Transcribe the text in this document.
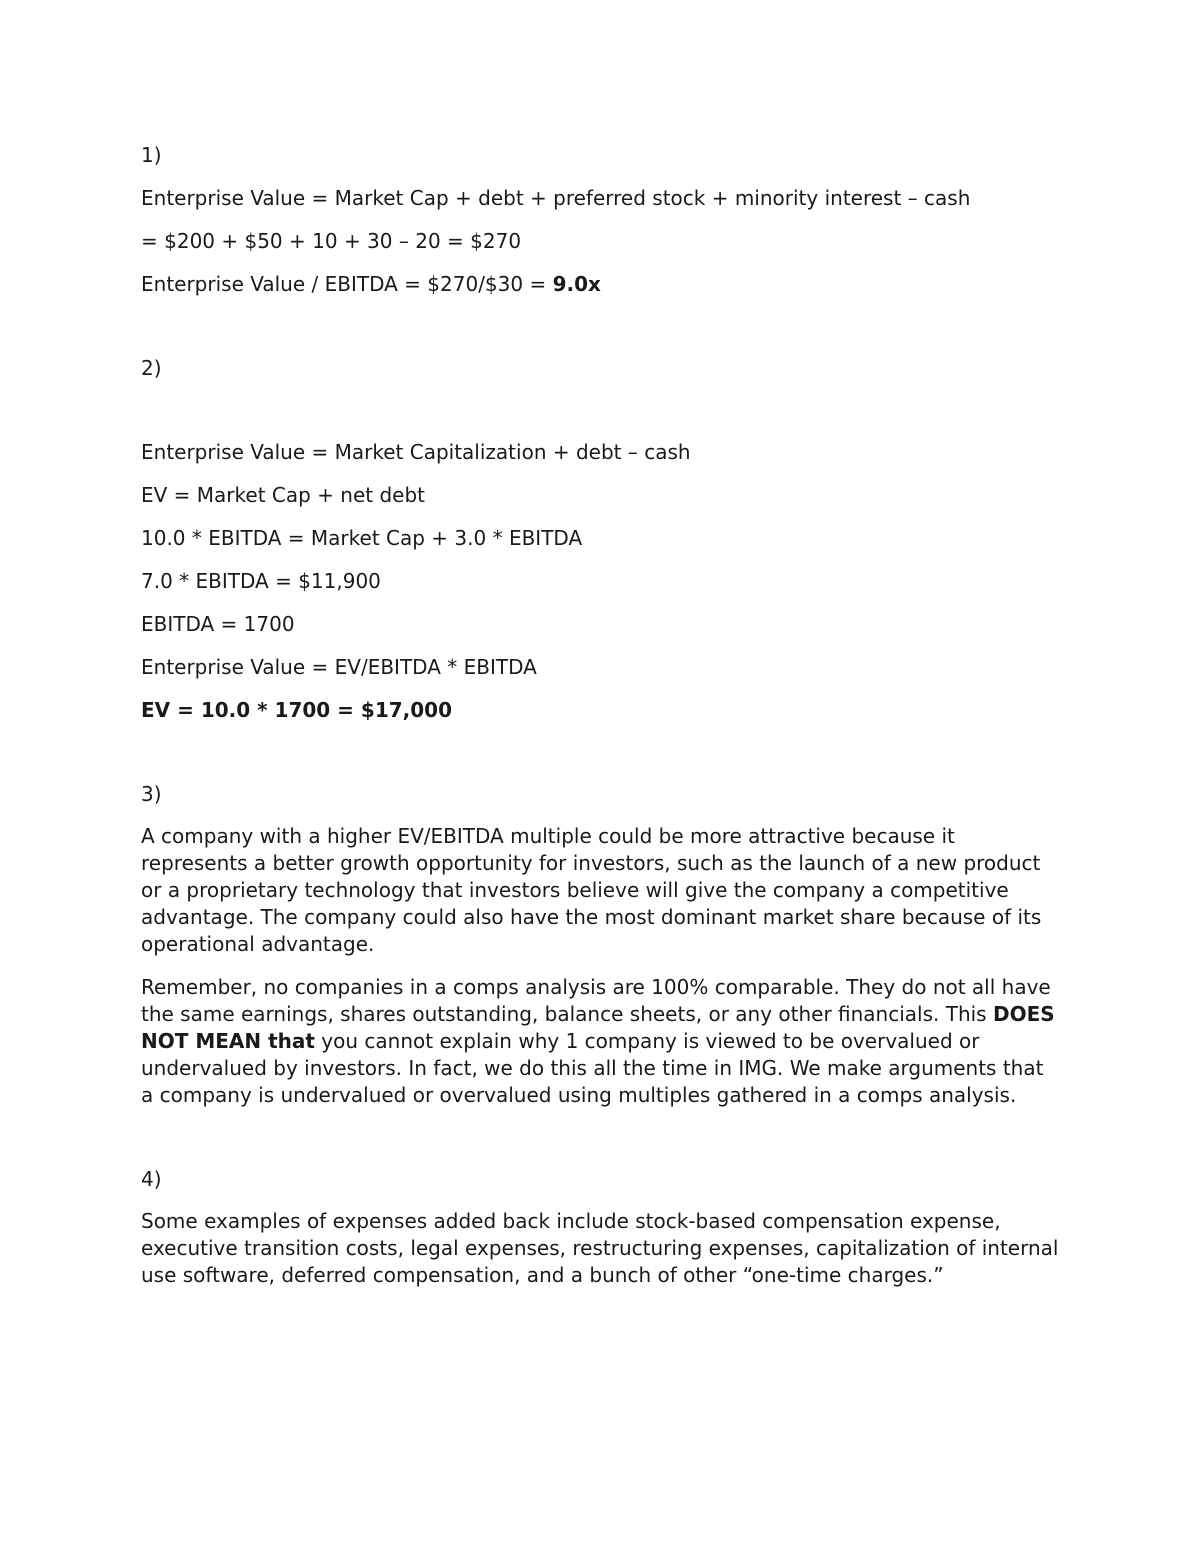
1)
Enterprise Value = Market Cap + debt + preferred stock + minority interest – cash
= $200 + $50 + 10 + 30 – 20 = $270
Enterprise Value / EBITDA = $270/$30 = 9.0x
2)
Enterprise Value = Market Capitalization + debt – cash
EV = Market Cap + net debt
10.0 * EBITDA = Market Cap + 3.0 * EBITDA
7.0 * EBITDA = $11,900
EBITDA = 1700
Enterprise Value = EV/EBITDA * EBITDA
EV = 10.0 * 1700 = $17,000
3)

A company with a higher EV/EBITDA multiple could be more attractive because it represents a better growth opportunity for investors, such as the launch of a new product or a proprietary technology that investors believe will give the company a competitive advantage. The company could also have the most dominant market share because of its operational advantage.

Remember, no companies in a comps analysis are 100% comparable. They do not all have the same earnings, shares outstanding, balance sheets, or any other financials. This DOES NOT MEAN that you cannot explain why 1 company is viewed to be overvalued or undervalued by investors. In fact, we do this all the time in IMG. We make arguments that a company is undervalued or overvalued using multiples gathered in a comps analysis.

4)

Some examples of expenses added back include stock-based compensation expense, executive transition costs, legal expenses, restructuring expenses, capitalization of internal use software, deferred compensation, and a bunch of other “one-time charges.”
